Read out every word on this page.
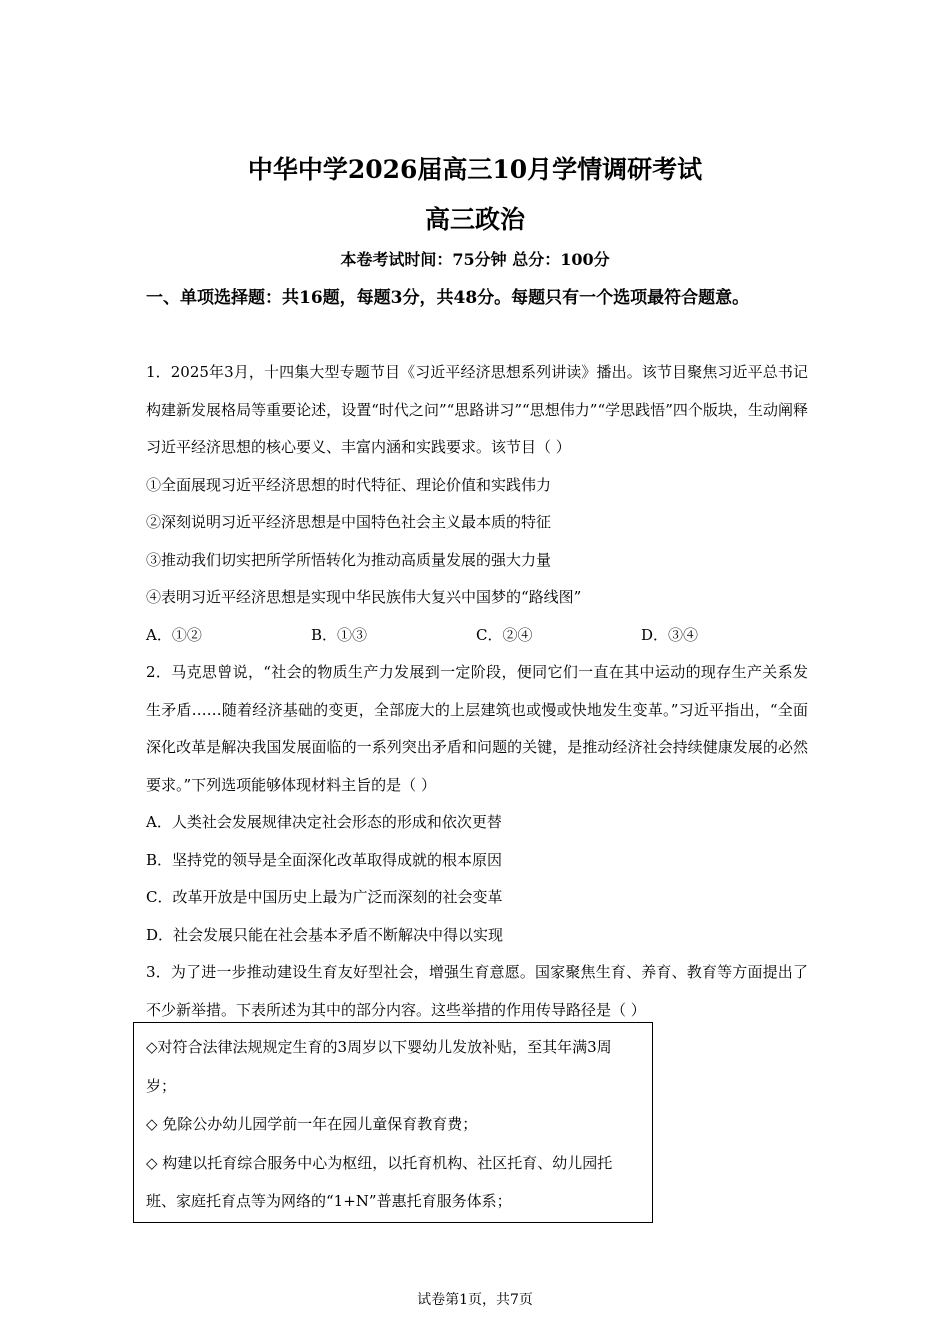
中华中学2026届高三10月学情调研考试
高三政治
本卷考试时间：75分钟 总分：100分
一、单项选择题：共16题，每题3分，共48分。每题只有一个选项最符合题意。

1．2025年3月，十四集大型专题节目《习近平经济思想系列讲读》播出。该节目聚焦习近平总书记构建新发展格局等重要论述，设置“时代之问”“思路讲习”“思想伟力”“学思践悟”四个版块，生动阐释习近平经济思想的核心要义、丰富内涵和实践要求。该节目（ ）

①全面展现习近平经济思想的时代特征、理论价值和实践伟力

②深刻说明习近平经济思想是中国特色社会主义最本质的特征

③推动我们切实把所学所悟转化为推动高质量发展的强大力量

④表明习近平经济思想是实现中华民族伟大复兴中国梦的“路线图”

A．①②	B．①③	C．②④	D．③④

2．马克思曾说，“社会的物质生产力发展到一定阶段，便同它们一直在其中运动的现存生产关系发生矛盾……随着经济基础的变更，全部庞大的上层建筑也或慢或快地发生变革。”习近平指出，“全面深化改革是解决我国发展面临的一系列突出矛盾和问题的关键，是推动经济社会持续健康发展的必然要求。”下列选项能够体现材料主旨的是（ ）

A．人类社会发展规律决定社会形态的形成和依次更替

B．坚持党的领导是全面深化改革取得成就的根本原因

C．改革开放是中国历史上最为广泛而深刻的社会变革

D．社会发展只能在社会基本矛盾不断解决中得以实现

3．为了进一步推动建设生育友好型社会，增强生育意愿。国家聚焦生育、养育、教育等方面提出了不少新举措。下表所述为其中的部分内容。这些举措的作用传导路径是（ ）

◇对符合法律法规规定生育的3周岁以下婴幼儿发放补贴，至其年满3周岁；

◇ 免除公办幼儿园学前一年在园儿童保育教育费；

◇ 构建以托育综合服务中心为枢纽，以托育机构、社区托育、幼儿园托班、家庭托育点等为网络的“1+N”普惠托育服务体系；

试卷第1页，共7页
